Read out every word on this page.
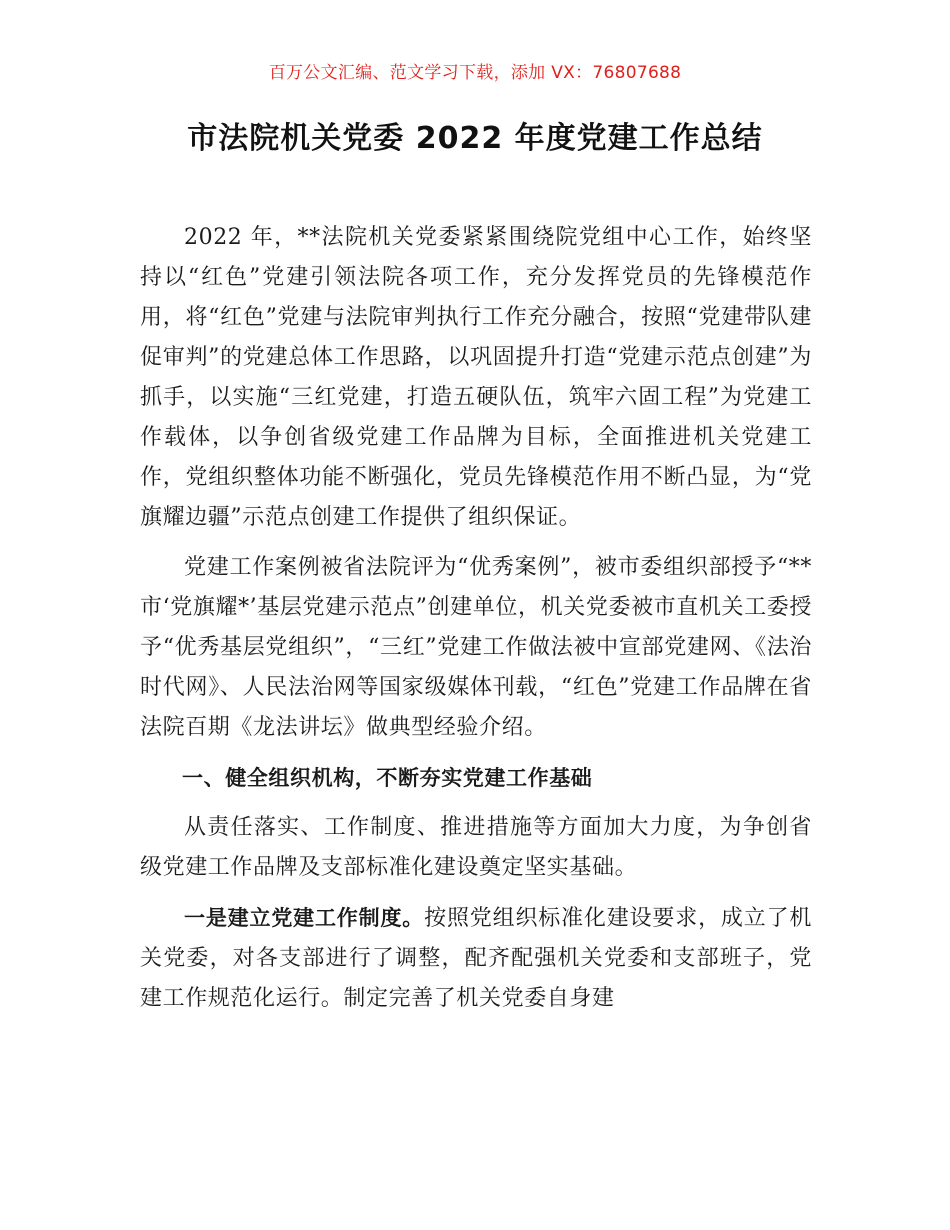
百万公文汇编、范文学习下载，添加 VX：76807688
市法院机关党委 2022 年度党建工作总结

2022 年，**法院机关党委紧紧围绕院党组中心工作，始终坚持以“红色”党建引领法院各项工作，充分发挥党员的先锋模范作用，将“红色”党建与法院审判执行工作充分融合，按照“党建带队建促审判”的党建总体工作思路，以巩固提升打造“党建示范点创建”为抓手，以实施“三红党建，打造五硬队伍，筑牢六固工程”为党建工作载体，以争创省级党建工作品牌为目标，全面推进机关党建工作，党组织整体功能不断强化，党员先锋模范作用不断凸显，为“党旗耀边疆”示范点创建工作提供了组织保证。

党建工作案例被省法院评为“优秀案例”，被市委组织部授予“**市‘党旗耀*’基层党建示范点”创建单位，机关党委被市直机关工委授予“优秀基层党组织”，“三红”党建工作做法被中宣部党建网、《法治时代网》、人民法治网等国家级媒体刊载，“红色”党建工作品牌在省法院百期《龙法讲坛》做典型经验介绍。

一、健全组织机构，不断夯实党建工作基础

从责任落实、工作制度、推进措施等方面加大力度，为争创省级党建工作品牌及支部标准化建设奠定坚实基础。

一是建立党建工作制度。按照党组织标准化建设要求，成立了机关党委，对各支部进行了调整，配齐配强机关党委和支部班子，党建工作规范化运行。制定完善了机关党委自身建
